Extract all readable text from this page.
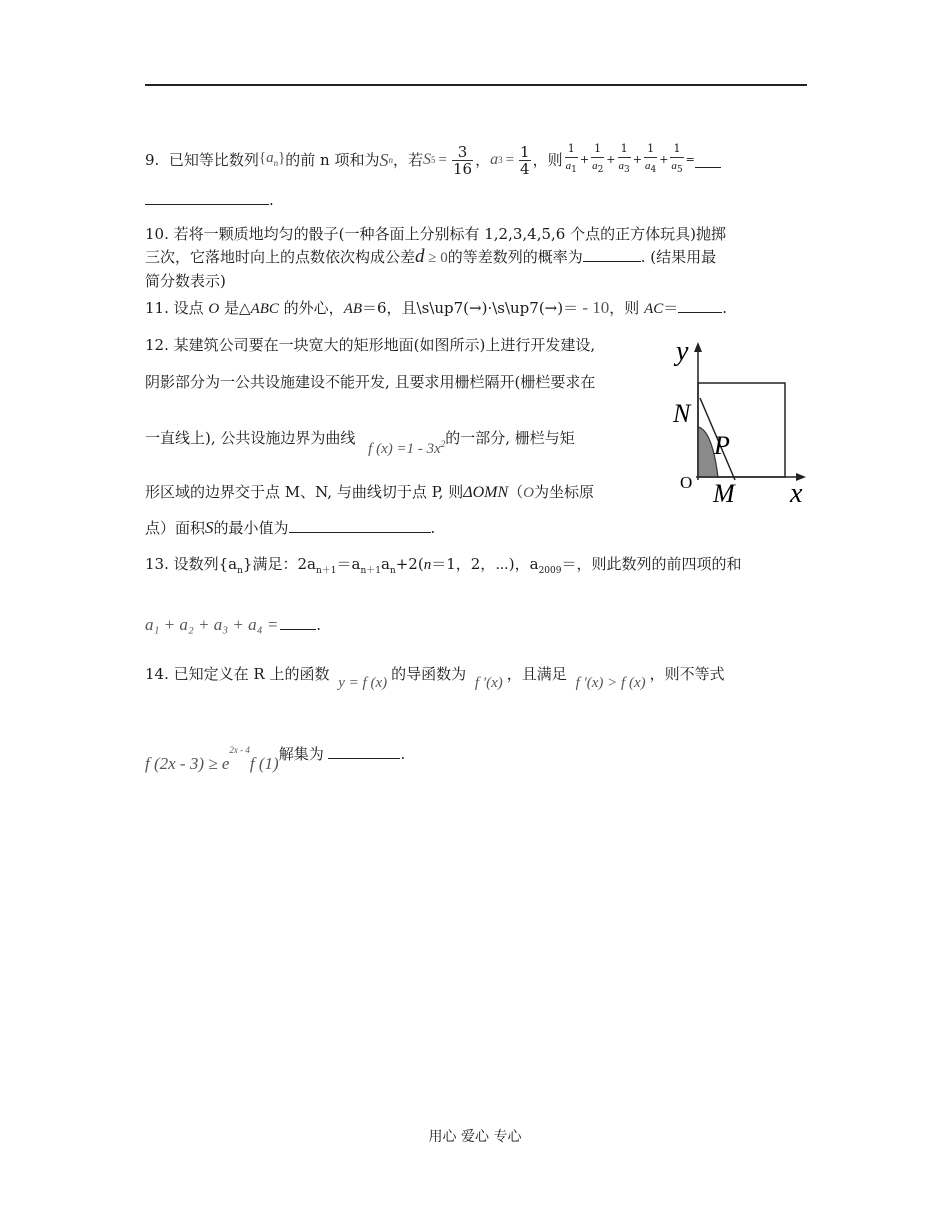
9.
已知等比数列 $\{a_n\}$ 的前 n 项和为 S n ，若 S $5 = \frac{3}{16}$ ， a $3 = \frac{1}{4}$ ，则 $\frac{1}{a_1} + \frac{1}{a_2} + \frac{1}{a_3} + \frac{1}{a_4} + \frac{1}{a_5}$ =
.
10. 若将一颗质地均匀的骰子(一种各面上分别标有 1,2,3,4,5,6 个点的正方体玩具)抛掷
三次，它落地时向上的点数依次构成公差d ≥ 0的等差数列的概率为	. (结果用最
简分数表示)
11. 设点 O 是△ABC 的外心，AB＝6，且\s\up7(→)·\s\up7(→)＝ - 10，则 AC＝	.
12. 某建筑公司要在一块宽大的矩形地面(如图所示)上进行开发建设,
阴影部分为一公共设施建设不能开发, 且要求用栅栏隔开(栅栏要求在
一直线上), 公共设施边界为曲线 f $(x) =1 - 3x^2$的一部分, 栅栏与矩
形区域的边界交于点 M、N, 与曲线切于点 P, 则ΔOMN（O为坐标原
点）面积S的最小值为	.
y
x
N
P
M
O
13. 设数列$\{a_n\}$满足：$2a_{n+1}=a_{n+1}a_n+2(n=1$，2，⋯)，$a_{2009}=$，则此数列的前四项的和
a₁ + a₂ + a₃ + a₄ =	.
14. 已知定义在 R 上的函数 y = f (x) 的导函数为 f ′(x) ，且满足 f ′(x) > f (x) ，则不等式
f $(2x - 3) \ge e^{2x - 4}f$ (1)解集为	.
用心 爱心 专心
